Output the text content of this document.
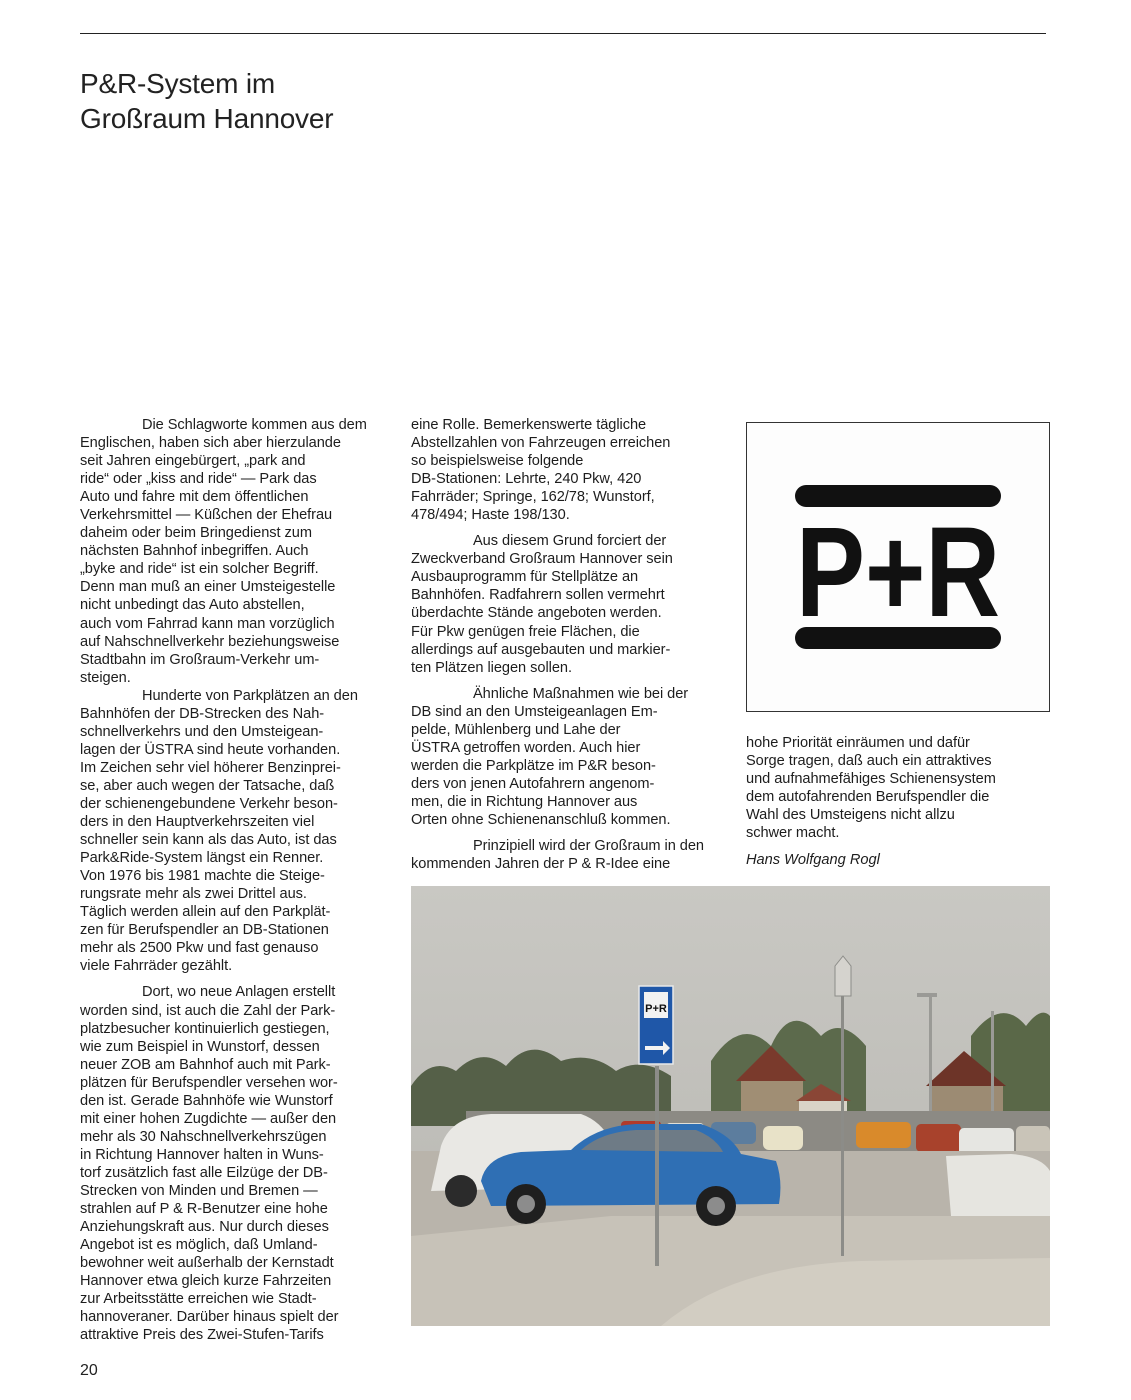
P&R-System im
Großraum Hannover

Die Schlagworte kommen aus dem
Englischen, haben sich aber hierzulande
seit Jahren eingebürgert, „park and
ride“ oder „kiss and ride“ — Park das
Auto und fahre mit dem öffentlichen
Verkehrsmittel — Küßchen der Ehefrau
daheim oder beim Bringedienst zum
nächsten Bahnhof inbegriffen. Auch
„byke and ride“ ist ein solcher Begriff.
Denn man muß an einer Umsteigestelle
nicht unbedingt das Auto abstellen,
auch vom Fahrrad kann man vorzüglich
auf Nahschnellverkehr beziehungsweise
Stadtbahn im Großraum-Verkehr um-
steigen.

Hunderte von Parkplätzen an den
Bahnhöfen der DB-Strecken des Nah-
schnellverkehrs und den Umsteigean-
lagen der ÜSTRA sind heute vorhanden.
Im Zeichen sehr viel höherer Benzinprei-
se, aber auch wegen der Tatsache, daß
der schienengebundene Verkehr beson-
ders in den Hauptverkehrszeiten viel
schneller sein kann als das Auto, ist das
Park&Ride-System längst ein Renner.
Von 1976 bis 1981 machte die Steige-
rungsrate mehr als zwei Drittel aus.
Täglich werden allein auf den Parkplät-
zen für Berufspendler an DB-Stationen
mehr als 2500 Pkw und fast genauso
viele Fahrräder gezählt.

Dort, wo neue Anlagen erstellt
worden sind, ist auch die Zahl der Park-
platzbesucher kontinuierlich gestiegen,
wie zum Beispiel in Wunstorf, dessen
neuer ZOB am Bahnhof auch mit Park-
plätzen für Berufspendler versehen wor-
den ist. Gerade Bahnhöfe wie Wunstorf
mit einer hohen Zugdichte — außer den
mehr als 30 Nahschnellverkehrszügen
in Richtung Hannover halten in Wuns-
torf zusätzlich fast alle Eilzüge der DB-
Strecken von Minden und Bremen —
strahlen auf P & R-Benutzer eine hohe
Anziehungskraft aus. Nur durch dieses
Angebot ist es möglich, daß Umland-
bewohner weit außerhalb der Kernstadt
Hannover etwa gleich kurze Fahrzeiten
zur Arbeitsstätte erreichen wie Stadt-
hannoveraner. Darüber hinaus spielt der
attraktive Preis des Zwei-Stufen-Tarifs

eine Rolle. Bemerkenswerte tägliche
Abstellzahlen von Fahrzeugen erreichen
so beispielsweise folgende
DB-Stationen: Lehrte, 240 Pkw, 420
Fahrräder; Springe, 162/78; Wunstorf,
478/494; Haste 198/130.

Aus diesem Grund forciert der
Zweckverband Großraum Hannover sein
Ausbauprogramm für Stellplätze an
Bahnhöfen. Radfahrern sollen vermehrt
überdachte Stände angeboten werden.
Für Pkw genügen freie Flächen, die
allerdings auf ausgebauten und markier-
ten Plätzen liegen sollen.

Ähnliche Maßnahmen wie bei der
DB sind an den Umsteigeanlagen Em-
pelde, Mühlenberg und Lahe der
ÜSTRA getroffen worden. Auch hier
werden die Parkplätze im P&R beson-
ders von jenen Autofahrern angenom-
men, die in Richtung Hannover aus
Orten ohne Schienenanschluß kommen.

Prinzipiell wird der Großraum in den
kommenden Jahren der P & R-Idee eine

P+R

hohe Priorität einräumen und dafür
Sorge tragen, daß auch ein attraktives
und aufnahmefähiges Schienensystem
dem autofahrenden Berufspendler die
Wahl des Umsteigens nicht allzu
schwer macht.

Hans Wolfgang Rogl
P+R
20
